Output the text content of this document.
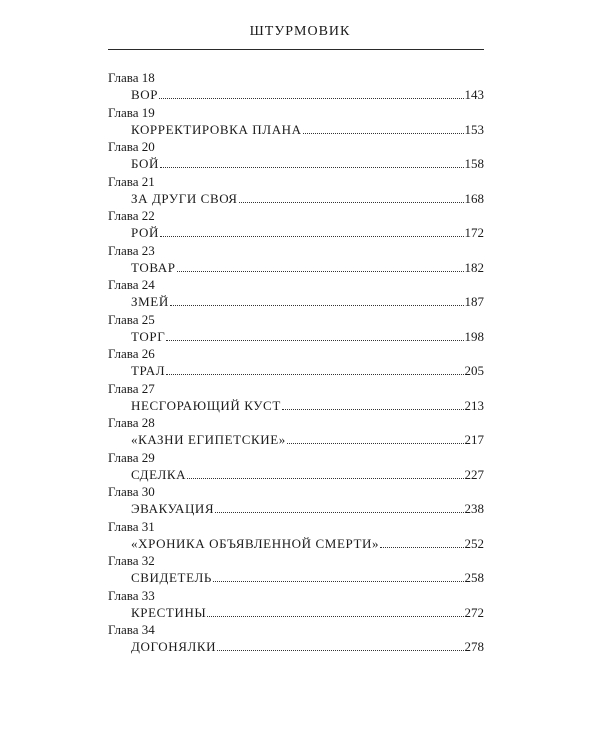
ШТУРМОВИК
Глава 18
ВОР	143
Глава 19
КОРРЕКТИРОВКА ПЛАНА	153
Глава 20
БОЙ	158
Глава 21
ЗА ДРУГИ СВОЯ	168
Глава 22
РОЙ	172
Глава 23
ТОВАР	182
Глава 24
ЗМЕЙ	187
Глава 25
ТОРГ	198
Глава 26
ТРАЛ	205
Глава 27
НЕСГОРАЮЩИЙ КУСТ	213
Глава 28
«КАЗНИ ЕГИПЕТСКИЕ»	217
Глава 29
СДЕЛКА	227
Глава 30
ЭВАКУАЦИЯ	238
Глава 31
«ХРОНИКА ОБЪЯВЛЕННОЙ СМЕРТИ»	252
Глава 32
СВИДЕТЕЛЬ	258
Глава 33
КРЕСТИНЫ	272
Глава 34
ДОГОНЯЛКИ	278
